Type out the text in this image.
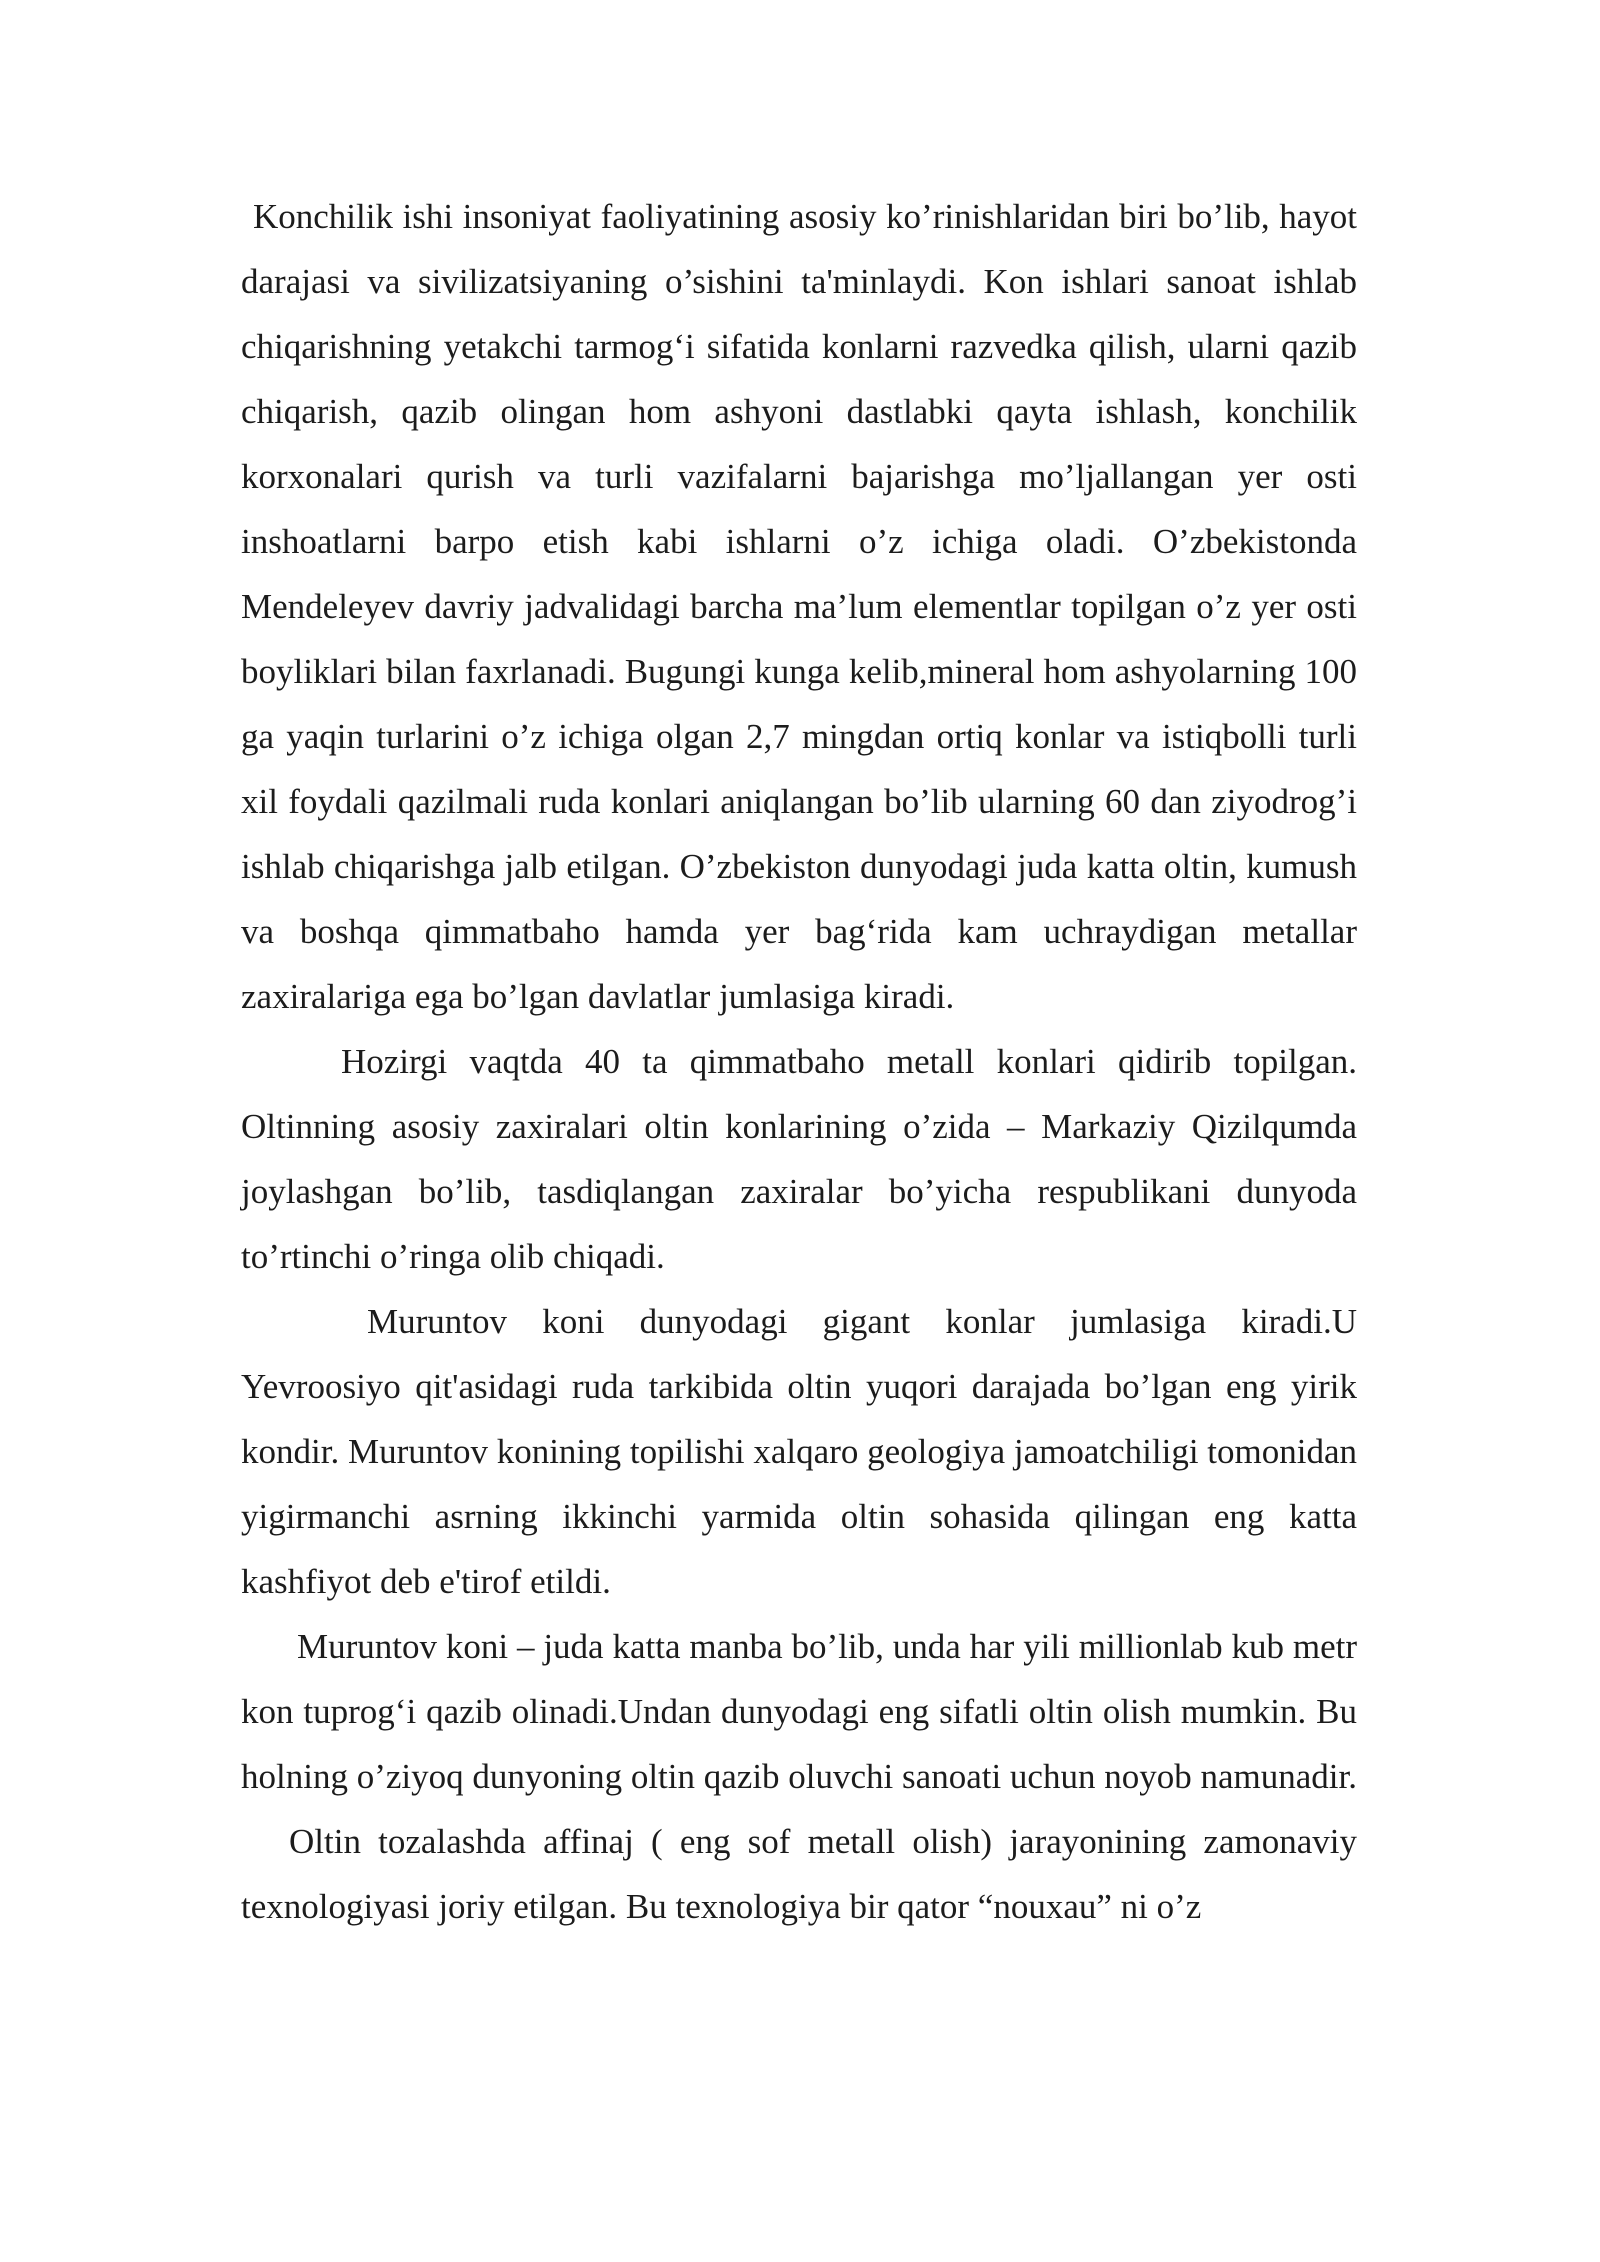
Konchilik ishi insoniyat faoliyatining asosiy ko’rinishlaridan biri bo’lib, hayot darajasi va sivilizatsiyaning o’sishini ta'minlaydi. Kon ishlari sanoat ishlab chiqarishning yetakchi tarmog‘i sifatida konlarni razvedka qilish, ularni qazib chiqarish, qazib olingan hom ashyoni dastlabki qayta ishlash, konchilik korxonalari qurish va turli vazifalarni bajarishga mo’ljallangan yer osti inshoatlarni barpo etish kabi ishlarni o’z ichiga oladi. O’zbekistonda Mendeleyev davriy jadvalidagi barcha ma’lum elementlar topilgan o’z yer osti boyliklari bilan faxrlanadi. Bugungi kunga kelib,mineral hom ashyolarning 100 ga yaqin turlarini o’z ichiga olgan 2,7 mingdan ortiq konlar va istiqbolli turli xil foydali qazilmali ruda konlari aniqlangan bo’lib ularning 60 dan ziyodrog’i ishlab chiqarishga jalb etilgan. O’zbekiston dunyodagi juda katta oltin, kumush va boshqa qimmatbaho hamda yer bag‘rida kam uchraydigan metallar zaxiralariga ega bo’lgan davlatlar jumlasiga kiradi.

Hozirgi vaqtda 40 ta qimmatbaho metall konlari qidirib topilgan. Oltinning asosiy zaxiralari oltin konlarining o’zida – Markaziy Qizilqumda joylashgan bo’lib, tasdiqlangan zaxiralar bo’yicha respublikani dunyoda to’rtinchi o’ringa olib chiqadi.

Muruntov koni dunyodagi gigant konlar jumlasiga kiradi.U Yevroosiyo qit'asidagi ruda tarkibida oltin yuqori darajada bo’lgan eng yirik kondir. Muruntov konining topilishi xalqaro geologiya jamoatchiligi tomonidan yigirmanchi asrning ikkinchi yarmida oltin sohasida qilingan eng katta kashfiyot deb e'tirof etildi.

Muruntov koni – juda katta manba bo’lib, unda har yili millionlab kub metr kon tuprog‘i qazib olinadi.Undan dunyodagi eng sifatli oltin olish mumkin. Bu holning o’ziyoq dunyoning oltin qazib oluvchi sanoati uchun noyob namunadir.

Oltin tozalashda affinaj ( eng sof metall olish) jarayonining zamonaviy texnologiyasi joriy etilgan. Bu texnologiya bir qator “nouxau” ni o’z
